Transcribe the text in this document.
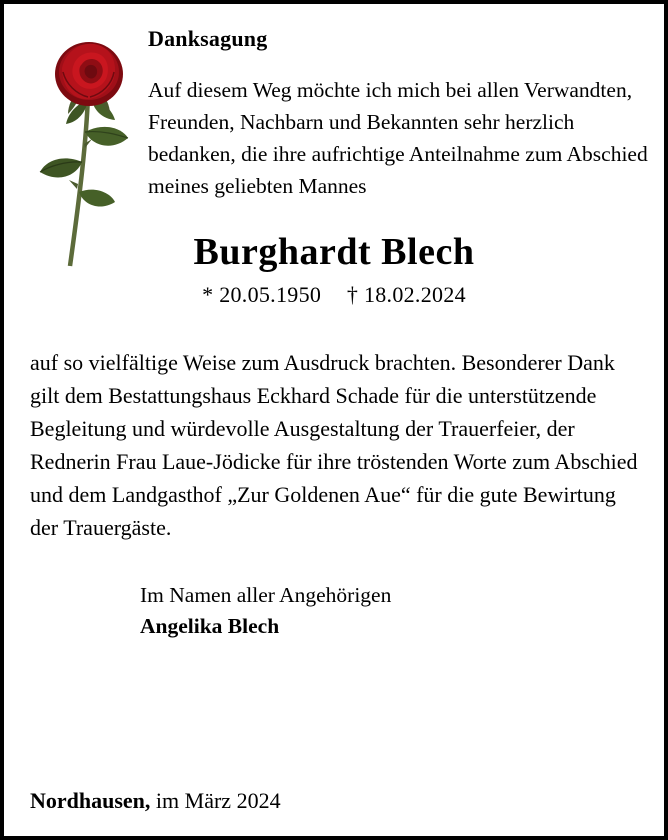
Danksagung
Auf diesem Weg möchte ich mich bei allen Verwandten, Freunden, Nachbarn und Bekannten sehr herzlich bedanken, die ihre aufrichtige Anteilnahme zum Abschied meines geliebten Mannes
Burghardt Blech
* 20.05.1950 † 18.02.2024
auf so vielfältige Weise zum Ausdruck brachten. Besonderer Dank gilt dem Bestattungshaus Eckhard Schade für die unterstützende Begleitung und würdevolle Ausgestaltung der Trauerfeier, der Rednerin Frau Laue-Jödicke für ihre tröstenden Worte zum Abschied und dem Landgasthof „Zur Goldenen Aue“ für die gute Bewirtung der Trauergäste.
Im Namen aller Angehörigen
Angelika Blech
Nordhausen, im März 2024
